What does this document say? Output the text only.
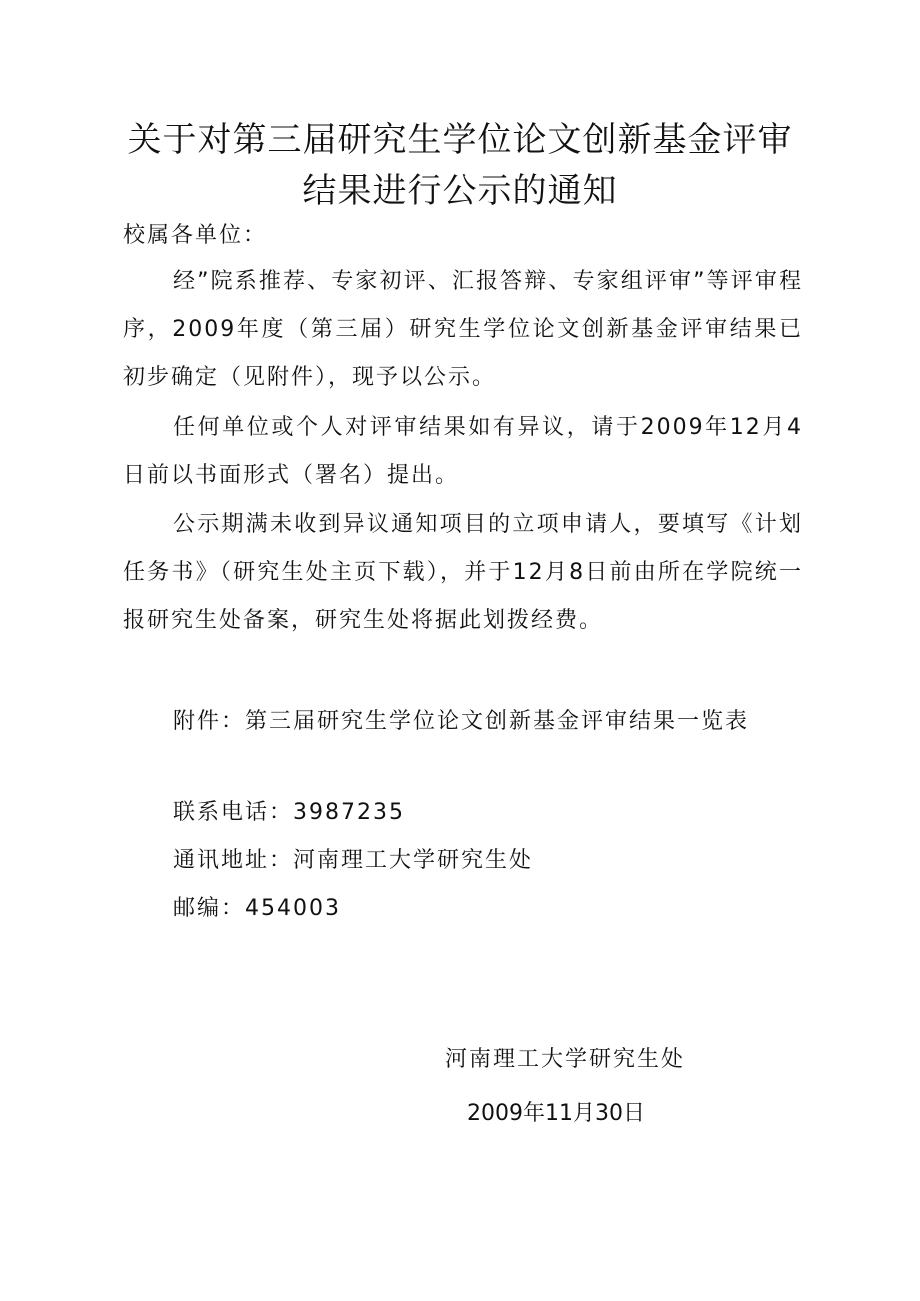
关于对第三届研究生学位论文创新基金评审
结果进行公示的通知
校属各单位：
经”院系推荐、专家初评、汇报答辩、专家组评审”等评审程序，2009年度（第三届）研究生学位论文创新基金评审结果已初步确定（见附件），现予以公示。
任何单位或个人对评审结果如有异议，请于2009年12月4日前以书面形式（署名）提出。
公示期满未收到异议通知项目的立项申请人，要填写《计划任务书》（研究生处主页下载），并于12月8日前由所在学院统一报研究生处备案，研究生处将据此划拨经费。
附件：第三届研究生学位论文创新基金评审结果一览表
联系电话：3987235
通讯地址：河南理工大学研究生处
邮编：454003
河南理工大学研究生处
2009年11月30日
